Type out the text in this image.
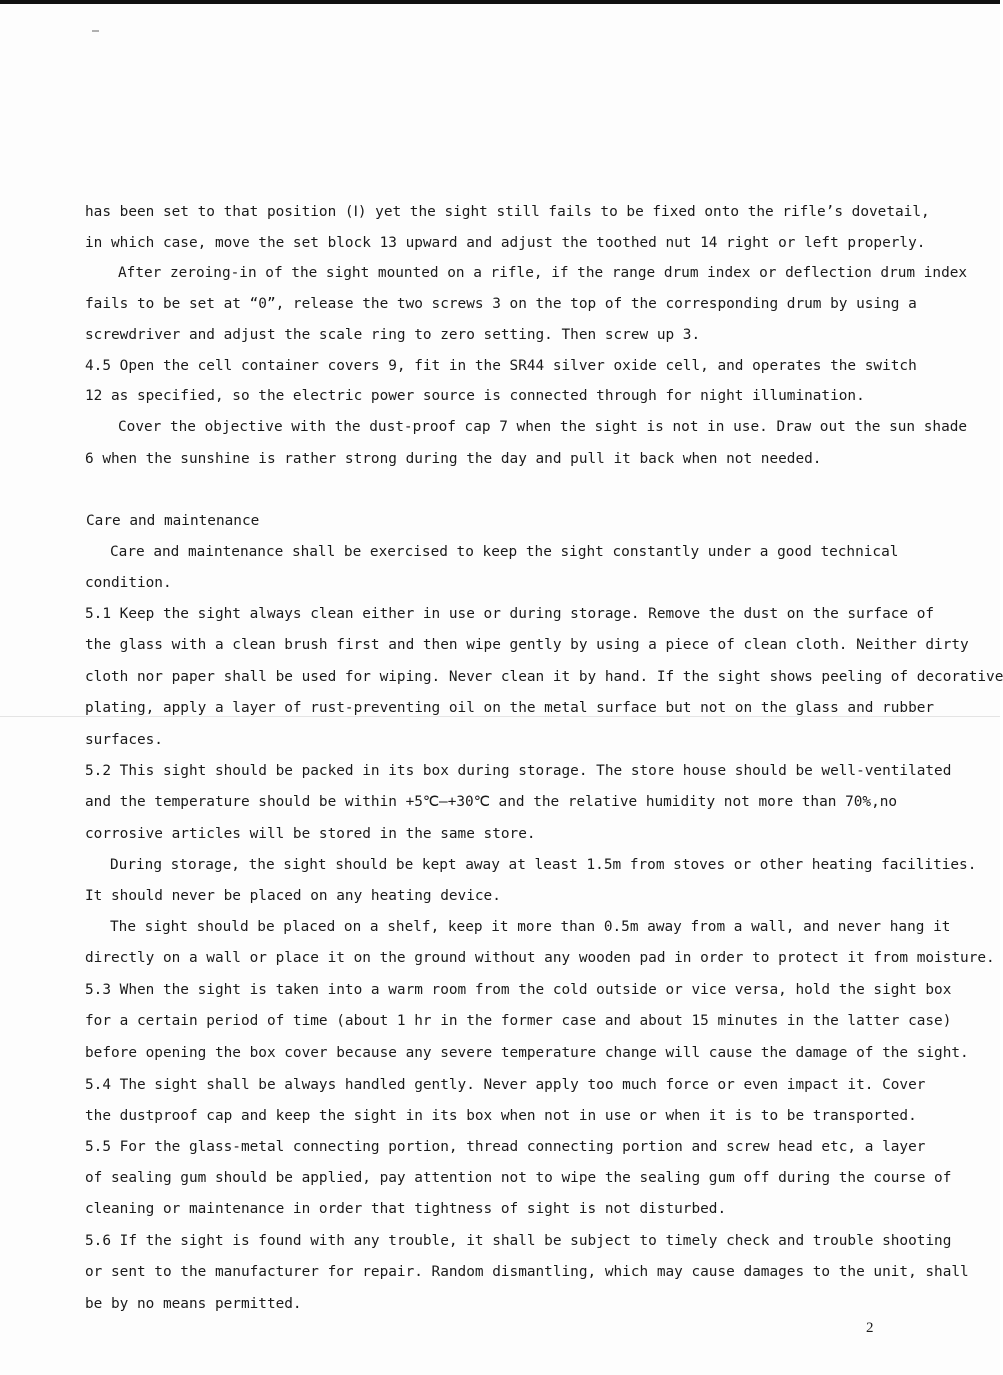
has been set to that position (Ⅰ) yet the sight still fails to be fixed onto the rifle’s dovetail,
in which case, move the set block 13 upward and adjust the toothed nut 14 right or left properly.
After zeroing-in of the sight mounted on a rifle, if the range drum index or deflection drum index
fails to be set at “0”, release the two screws 3 on the top of the corresponding drum by using a
screwdriver and adjust the scale ring to zero setting. Then screw up 3.
4.5 Open the cell container covers 9, fit in the SR44 silver oxide cell, and operates the switch
12 as specified, so the electric power source is connected through for night illumination.
Cover the objective with the dust-proof cap 7 when the sight is not in use. Draw out the sun shade
6 when the sunshine is rather strong during the day and pull it back when not needed.
Care and maintenance
Care and maintenance shall be exercised to keep the sight constantly under a good technical
condition.
5.1 Keep the sight always clean either in use or during storage. Remove the dust on the surface of
the glass with a clean brush first and then wipe gently by using a piece of clean cloth. Neither dirty
cloth nor paper shall be used for wiping. Never clean it by hand. If the sight shows peeling of decorative
plating, apply a layer of rust-preventing oil on the metal surface but not on the glass and rubber
surfaces.
5.2 This sight should be packed in its box during storage. The store house should be well-ventilated
and the temperature should be within +5℃—+30℃ and the relative humidity not more than 70%,no
corrosive articles will be stored in the same store.
During storage, the sight should be kept away at least 1.5m from stoves or other heating facilities.
It should never be placed on any heating device.
The sight should be placed on a shelf, keep it more than 0.5m away from a wall, and never hang it
directly on a wall or place it on the ground without any wooden pad in order to protect it from moisture.
5.3 When the sight is taken into a warm room from the cold outside or vice versa, hold the sight box
for a certain period of time (about 1 hr in the former case and about 15 minutes in the latter case)
before opening the box cover because any severe temperature change will cause the damage of the sight.
5.4 The sight shall be always handled gently. Never apply too much force or even impact it. Cover
the dustproof cap and keep the sight in its box when not in use or when it is to be transported.
5.5 For the glass-metal connecting portion, thread connecting portion and screw head etc, a layer
of sealing gum should be applied, pay attention not to wipe the sealing gum off during the course of
cleaning or maintenance in order that tightness of sight is not disturbed.
5.6 If the sight is found with any trouble, it shall be subject to timely check and trouble shooting
or sent to the manufacturer for repair. Random dismantling, which may cause damages to the unit, shall
be by no means permitted.
2
